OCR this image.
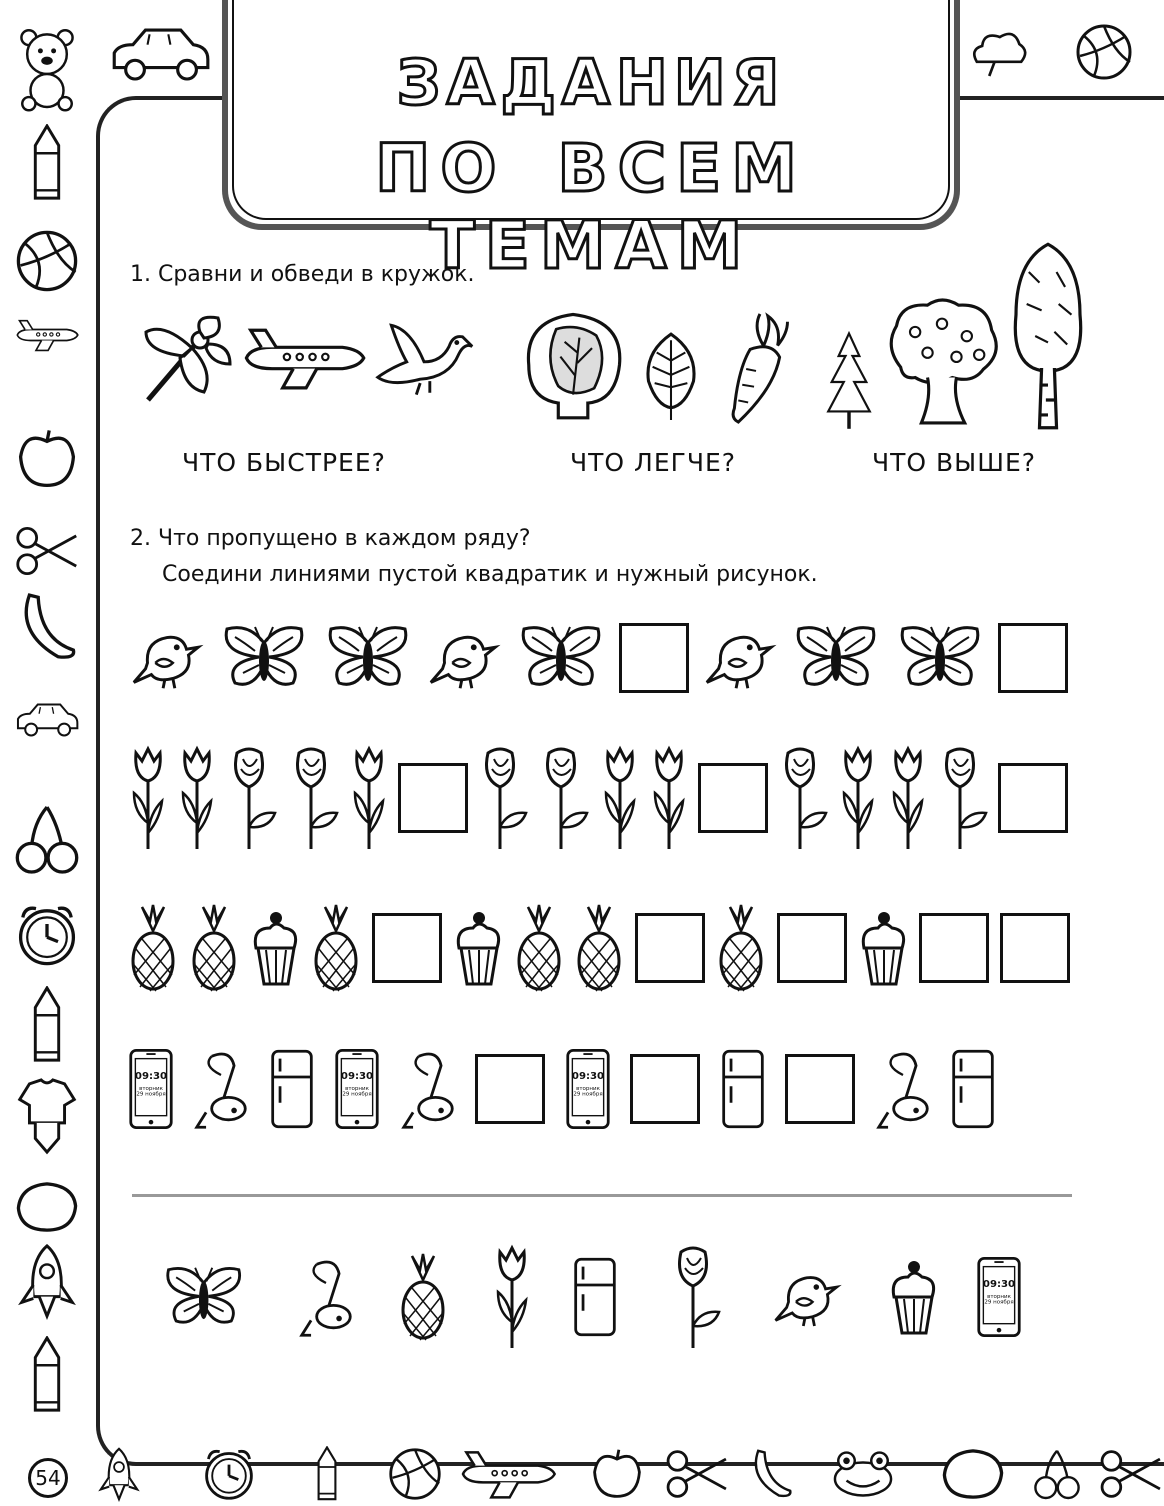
ЗАДАНИЯ
ПО ВСЕМ ТЕМАМ
1. Сравни и обведи в кружок.
ЧТО БЫСТРЕЕ?	ЧТО ЛЕГЧЕ?	ЧТО ВЫШЕ?
2. Что пропущено в каждом ряду?
Соедини линиями пустой квадратик и нужный рисунок.
09:30
вторник
29 ноября
09:30
вторник
29 ноября
09:30
вторник
29 ноября
09:30
вторник
29 ноября
54
